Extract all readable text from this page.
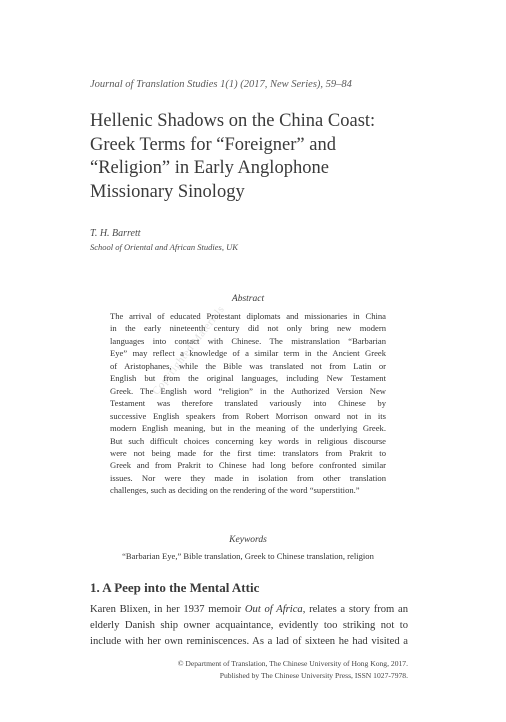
Journal of Translation Studies 1(1) (2017, New Series), 59–84
Hellenic Shadows on the China Coast:
Greek Terms for “Foreigner” and
“Religion” in Early Anglophone
Missionary Sinology
T. H. Barrett
School of Oriental and African Studies, UK
Copyrighted Materials
Abstract
The arrival of educated Protestant diplomats and missionaries in China
in the early nineteenth century did not only bring new modern
languages into contact with Chinese. The mistranslation “Barbarian
Eye” may reflect a knowledge of a similar term in the Ancient Greek
of Aristophanes, while the Bible was translated not from Latin or
English but from the original languages, including New Testament
Greek. The English word “religion” in the Authorized Version New
Testament was therefore translated variously into Chinese by
successive English speakers from Robert Morrison onward not in its
modern English meaning, but in the meaning of the underlying Greek.
But such difficult choices concerning key words in religious discourse
were not being made for the first time: translators from Prakrit to
Greek and from Prakrit to Chinese had long before confronted similar
issues. Nor were they made in isolation from other translation
challenges, such as deciding on the rendering of the word “superstition.”
Keywords
“Barbarian Eye,” Bible translation, Greek to Chinese translation, religion
1. A Peep into the Mental Attic
Karen Blixen, in her 1937 memoir Out of Africa, relates a story from an
elderly Danish ship owner acquaintance, evidently too striking not to
include with her own reminiscences. As a lad of sixteen he had visited a
© Department of Translation, The Chinese University of Hong Kong, 2017.
Published by The Chinese University Press, ISSN 1027-7978.
